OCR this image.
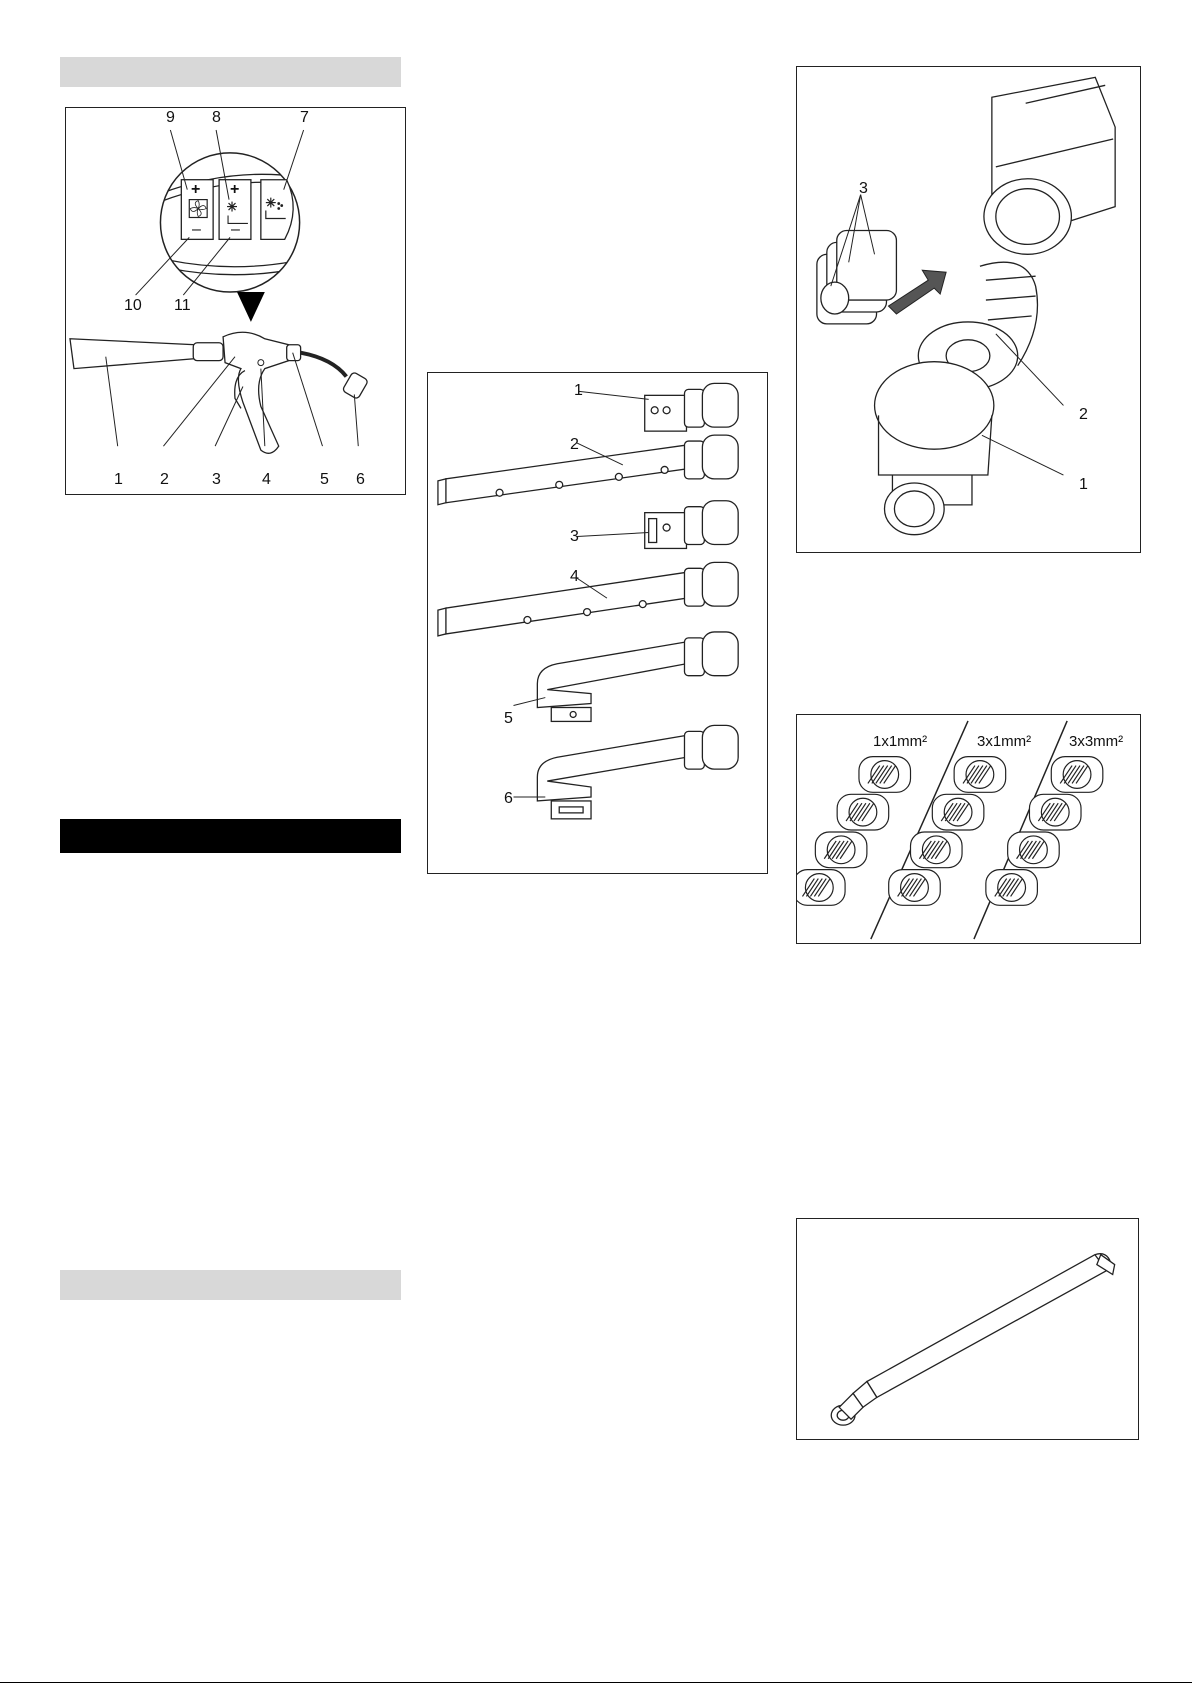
9 8	7
+
–
+
–
10 11
1 2	3	4	5 6
1
2
3
4
5
6
3
2
1
1x1mm²	3x1mm²	3x3mm²
